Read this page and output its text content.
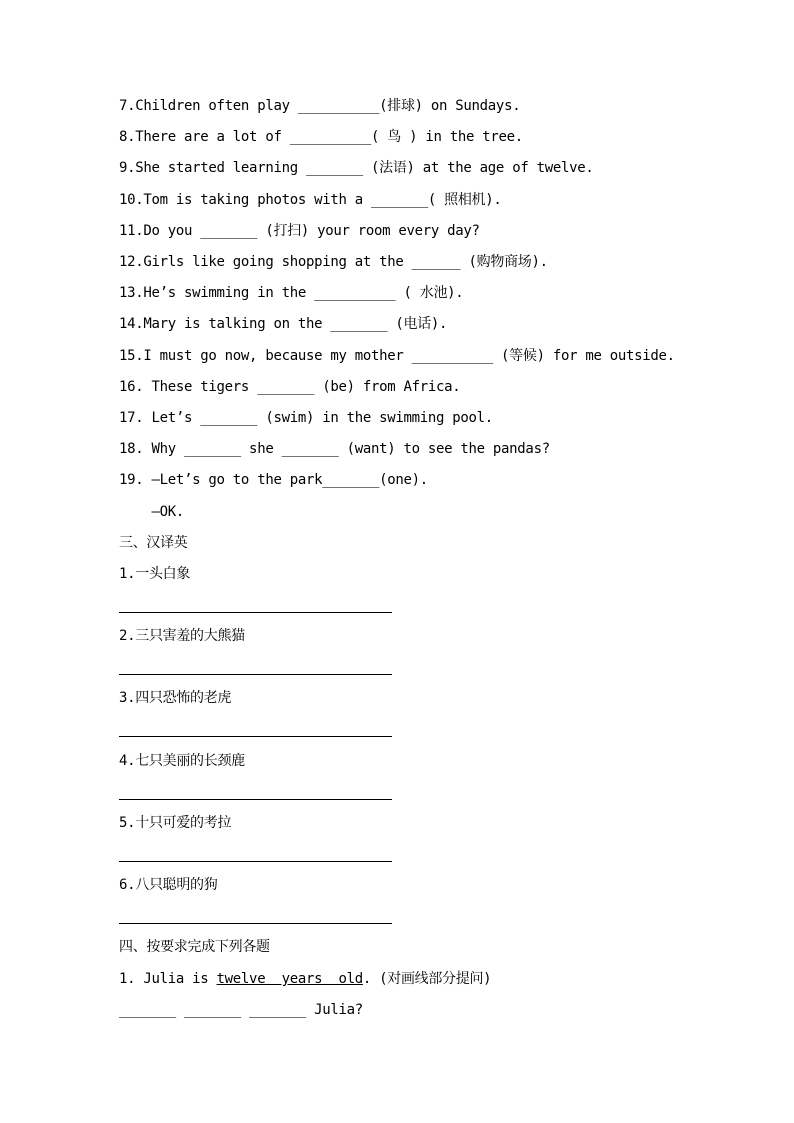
7.Children often play __________(排球) on Sundays.
8.There are a lot of __________( 鸟 ) in the tree.
9.She started learning _______ (法语) at the age of twelve.
10.Tom is taking photos with a _______( 照相机).
11.Do you _______ (打扫) your room every day?
12.Girls like going shopping at the ______ (购物商场).
13.He’s swimming in the __________ ( 水池).
14.Mary is talking on the _______ (电话).
15.I must go now, because my mother __________ (等候) for me outside.
16. These tigers _______ (be) from Africa.
17. Let’s _______ (swim) in the swimming pool.
18. Why _______ she _______ (want) to see the pandas?
19. —Let’s go to the park_______(one).
—OK.
三、汉译英
1.一头白象
2.三只害羞的大熊猫
3.四只恐怖的老虎
4.七只美丽的长颈鹿
5.十只可爱的考拉
6.八只聪明的狗
四、按要求完成下列各题
1. Julia is twelve  years  old. (对画线部分提问)
_______ _______ _______ Julia?
